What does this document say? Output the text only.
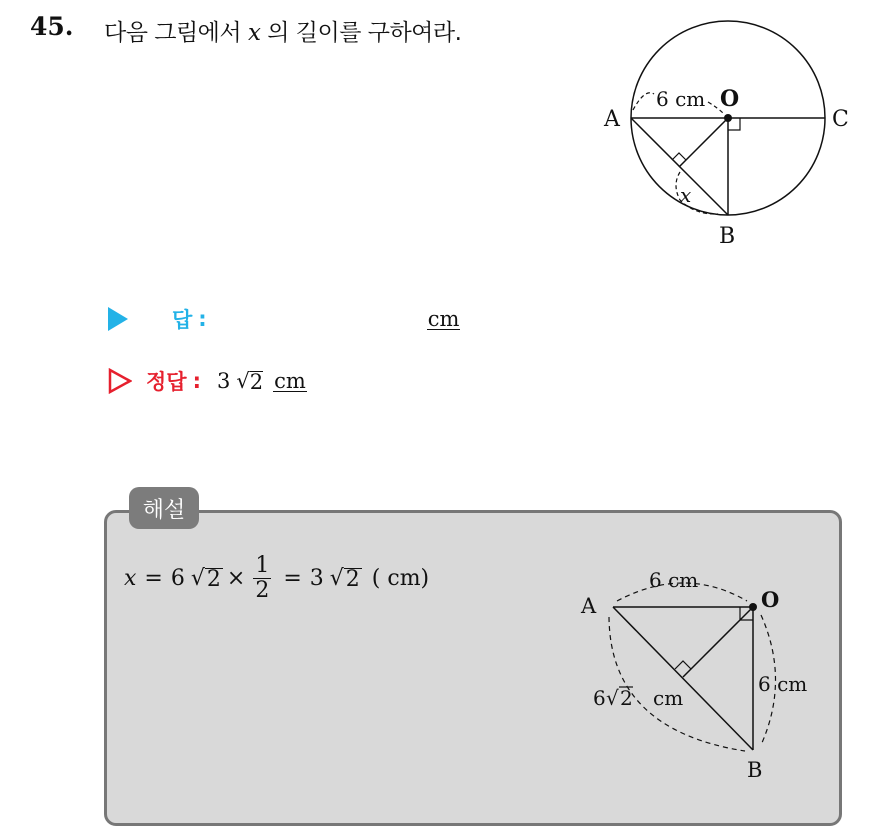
45. 다음 그림에서 x 의 길이를 구하여라.
A
O
C
B
6 cm
x
답 :	cm
정답 : 3 √ 2 cm
해설
x = 6 √ $2 \times \frac{1}{2} = 3$ √ 2 ( cm)
A	O
B
6 cm
6 cm
6 √ 2 cm
